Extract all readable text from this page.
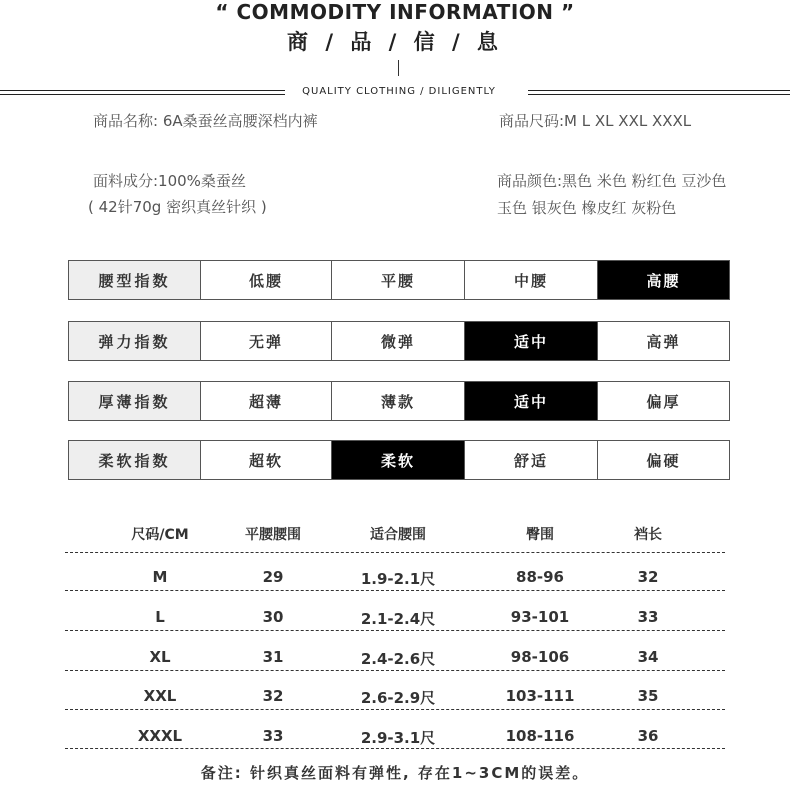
“ COMMODITY INFORMATION ”
商 / 品 / 信 / 息
QUALITY CLOTHING / DILIGENTLY
商品名称: 6A桑蚕丝高腰深档内裤	商品尺码:M L XL XXL XXXL
面料成分:100%桑蚕丝
( 42针70g 密织真丝针织 )
商品颜色:黑色 米色 粉红色 豆沙色
玉色 银灰色 橡皮红 灰粉色
腰型指数	低腰	平腰	中腰	高腰
弹力指数	无弹	微弹	适中	高弹
厚薄指数	超薄	薄款	适中	偏厚
柔软指数	超软	柔软	舒适	偏硬
尺码/CM	平腰腰围	适合腰围	臀围	裆长
M	29	1.9-2.1尺	88-96	32
L	30	2.1-2.4尺	93-101	33
XL	31	2.4-2.6尺	98-106	34
XXL	32	2.6-2.9尺	103-111	35
XXXL	33	2.9-3.1尺	108-116	36
备注: 针织真丝面料有弹性, 存在1~3CM的误差。
